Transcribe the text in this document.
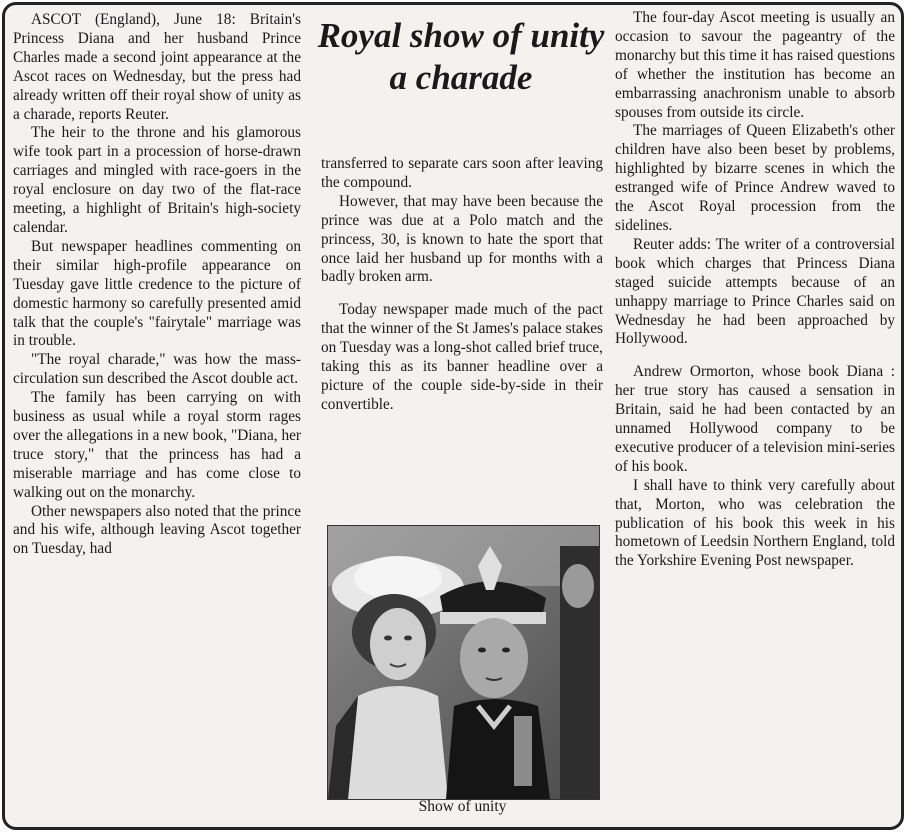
ASCOT (England), June 18: Britain's Princess Diana and her husband Prince Charles made a second joint appearance at the Ascot races on Wednesday, but the press had already written off their royal show of unity as a charade, reports Reuter.

The heir to the throne and his glamorous wife took part in a procession of horse-drawn carriages and mingled with race-goers in the royal enclosure on day two of the flat-race meeting, a highlight of Britain's high-society calendar.

But newspaper headlines commenting on their similar high-profile appearance on Tuesday gave little credence to the picture of domestic harmony so carefully presented amid talk that the couple's "fairytale" marriage was in trouble.

"The royal charade," was how the mass-circulation sun described the Ascot double act.

The family has been carrying on with business as usual while a royal storm rages over the allegations in a new book, "Diana, her truce story," that the princess has had a miserable marriage and has come close to walking out on the monarchy.

Other newspapers also noted that the prince and his wife, although leaving Ascot together on Tuesday, had

Royal show of unity a charade

transferred to separate cars soon after leaving the compound.

However, that may have been because the prince was due at a Polo match and the princess, 30, is known to hate the sport that once laid her husband up for months with a badly broken arm.

Today newspaper made much of the pact that the winner of the St James's palace stakes on Tuesday was a long-shot called brief truce, taking this as its banner headline over a picture of the couple side-by-side in their convertible.

Show of unity

The four-day Ascot meeting is usually an occasion to savour the pageantry of the monarchy but this time it has raised questions of whether the institution has become an embarrassing anachronism unable to absorb spouses from outside its circle.

The marriages of Queen Elizabeth's other children have also been beset by problems, highlighted by bizarre scenes in which the estranged wife of Prince Andrew waved to the Ascot Royal procession from the sidelines.

Reuter adds: The writer of a controversial book which charges that Princess Diana staged suicide attempts because of an unhappy marriage to Prince Charles said on Wednesday he had been approached by Hollywood.

Andrew Ormorton, whose book Diana : her true story has caused a sensation in Britain, said he had been contacted by an unnamed Hollywood company to be executive producer of a television mini-series of his book.

I shall have to think very carefully about that, Morton, who was celebration the publication of his book this week in his hometown of Leedsin Northern England, told the Yorkshire Evening Post newspaper.
